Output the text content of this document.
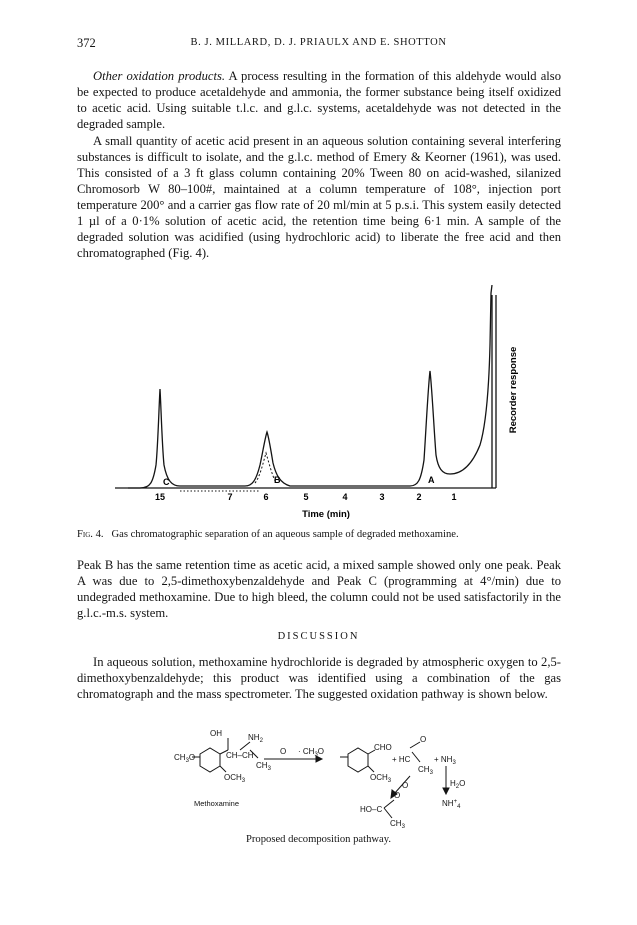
372	B. J. MILLARD, D. J. PRIAULX AND E. SHOTTON
Other oxidation products. A process resulting in the formation of this aldehyde would also be expected to produce acetaldehyde and ammonia, the former substance being itself oxidized to acetic acid. Using suitable t.l.c. and g.l.c. systems, acetaldehyde was not detected in the degraded sample.
A small quantity of acetic acid present in an aqueous solution containing several interfering substances is difficult to isolate, and the g.l.c. method of Emery & Keorner (1961), was used. This consisted of a 3 ft glass column containing 20% Tween 80 on acid-washed, silanized Chromosorb W 80–100#, maintained at a column temperature of 108°, injection port temperature 200° and a carrier gas flow rate of 20 ml/min at 5 p.s.i. This system easily detected 1 µl of a 0·1% solution of acetic acid, the retention time being 6·1 min. A sample of the degraded solution was acidified (using hydrochloric acid) to liberate the free acid and then chromatographed (Fig. 4).
C	B	A
15	7	6	5	4	3	2	1
Time (min)
Recorder response
Fig. 4. Gas chromatographic separation of an aqueous sample of degraded methoxamine.
Peak B has the same retention time as acetic acid, a mixed sample showed only one peak. Peak A was due to 2,5-dimethoxybenzaldehyde and Peak C (programming at 4°/min) due to undegraded methoxamine. Due to high bleed, the column could not be used satisfactorily in the g.l.c.-m.s. system.
DISCUSSION
In aqueous solution, methoxamine hydrochloride is degraded by atmospheric oxygen to 2,5-dimethoxybenzaldehyde; this product was identified using a combination of the gas chromatograph and the mass spectrometer. The suggested oxidation pathway is shown below.
OH
$CH_3O$	CH–CH
$NH_2$
$CH_3$
$OCH_3$
$O \cdot CH_3O$	CHO
$OCH_3$
+ HC
O
$CH_3$
+ $NH_3$
$H_2O$
$NH^+_4$
O
HO–C
O
$CH_3$
Methoxamine
Proposed decomposition pathway.
